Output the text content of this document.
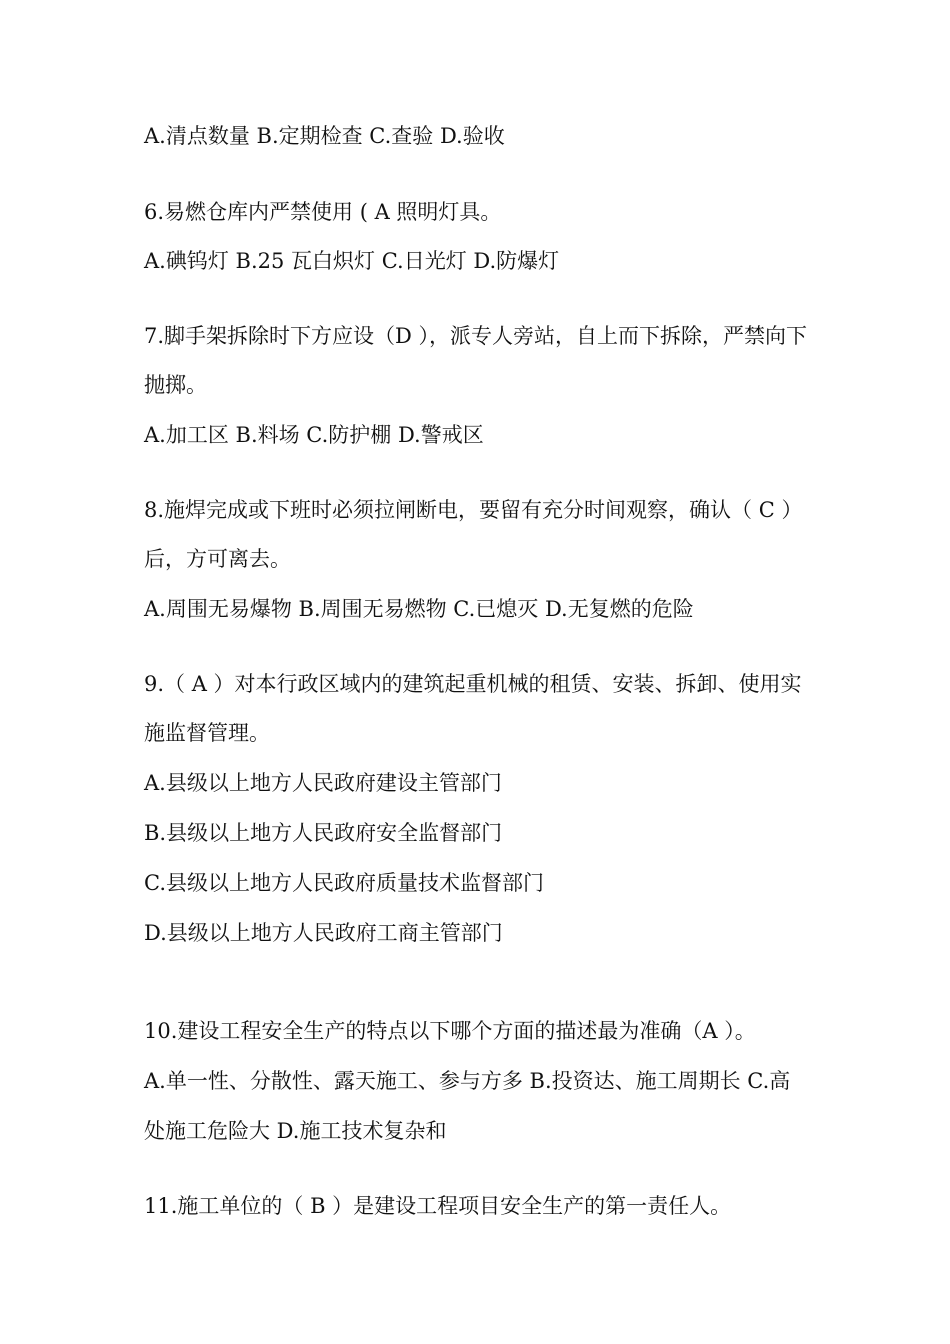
A.清点数量 B.定期检查 C.查验 D.验收
6.易燃仓库内严禁使用 ( A 照明灯具。
A.碘钨灯 B.25 瓦白炽灯 C.日光灯 D.防爆灯
7.脚手架拆除时下方应设（D ），派专人旁站，自上而下拆除，严禁向下
抛掷。
A.加工区 B.料场 C.防护棚 D.警戒区
8.施焊完成或下班时必须拉闸断电，要留有充分时间观察，确认（ C ）
后，方可离去。
A.周围无易爆物 B.周围无易燃物 C.已熄灭 D.无复燃的危险
9.（ A ）对本行政区域内的建筑起重机械的租赁、安装、拆卸、使用实
施监督管理。
A.县级以上地方人民政府建设主管部门
B.县级以上地方人民政府安全监督部门
C.县级以上地方人民政府质量技术监督部门
D.县级以上地方人民政府工商主管部门
10.建设工程安全生产的特点以下哪个方面的描述最为准确（A ）。
A.单一性、分散性、露天施工、参与方多 B.投资达、施工周期长 C.高
处施工危险大 D.施工技术复杂和
11.施工单位的（ B ）是建设工程项目安全生产的第一责任人。
